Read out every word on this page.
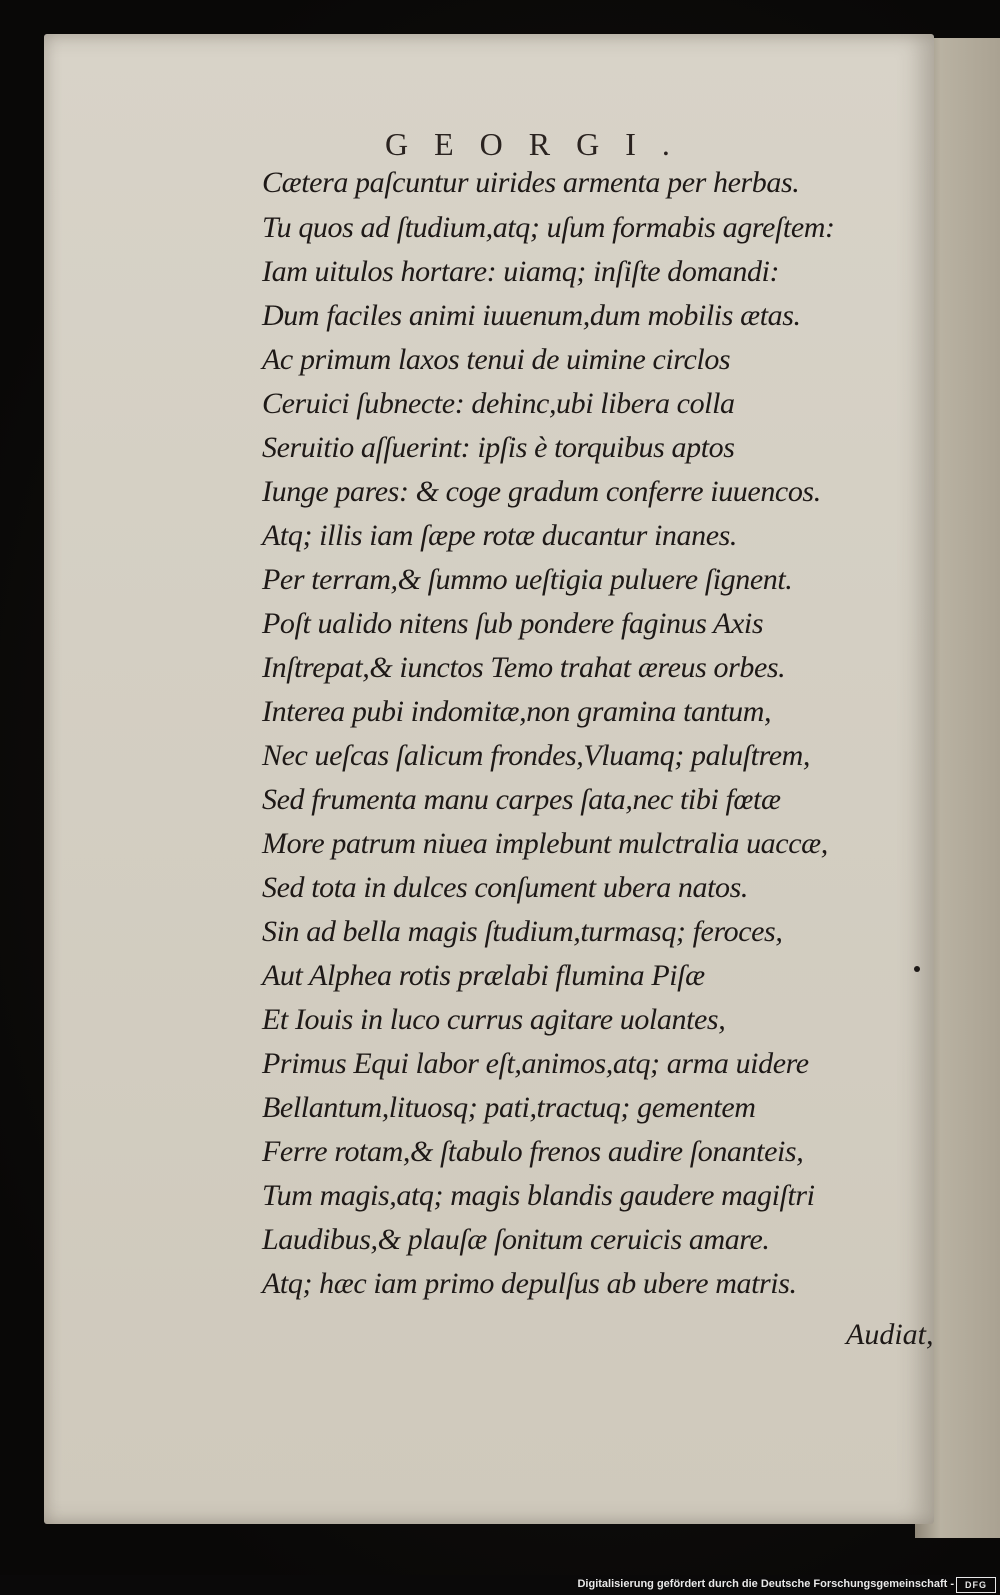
GEORGI.
Cætera paſcuntur uirides armenta per herbas.
Tu quos ad ſtudium,atq; uſum formabis agreſtem:
Iam uitulos hortare: uiamq; inſiſte domandi:
Dum faciles animi iuuenum,dum mobilis ætas.
Ac primum laxos tenui de uimine circlos
Ceruici ſubnecte: dehinc,ubi libera colla
Seruitio aſſuerint: ipſis è torquibus aptos
Iunge pares: & coge gradum conferre iuuencos.
Atq; illis iam ſæpe rotæ ducantur inanes.
Per terram,& ſummo ueſtigia puluere ſignent.
Poſt ualido nitens ſub pondere faginus Axis
Inſtrepat,& iunctos Temo trahat æreus orbes.
Interea pubi indomitæ,non gramina tantum,
Nec ueſcas ſalicum frondes,Vluamq; paluſtrem,
Sed frumenta manu carpes ſata,nec tibi fœtæ
More patrum niuea implebunt mulctralia uaccæ,
Sed tota in dulces conſument ubera natos.
Sin ad bella magis ſtudium,turmasq; feroces,
Aut Alphea rotis prælabi flumina Piſæ
Et Iouis in luco currus agitare uolantes,
Primus Equi labor eſt,animos,atq; arma uidere
Bellantum,lituosq; pati,tractuq; gementem
Ferre rotam,& ſtabulo frenos audire ſonanteis,
Tum magis,atq; magis blandis gaudere magiſtri
Laudibus,& plauſæ ſonitum ceruicis amare.
Atq; hæc iam primo depulſus ab ubere matris.
Audiat,
Digitalisierung gefördert durch die Deutsche Forschungsgemeinschaft -	DFG
